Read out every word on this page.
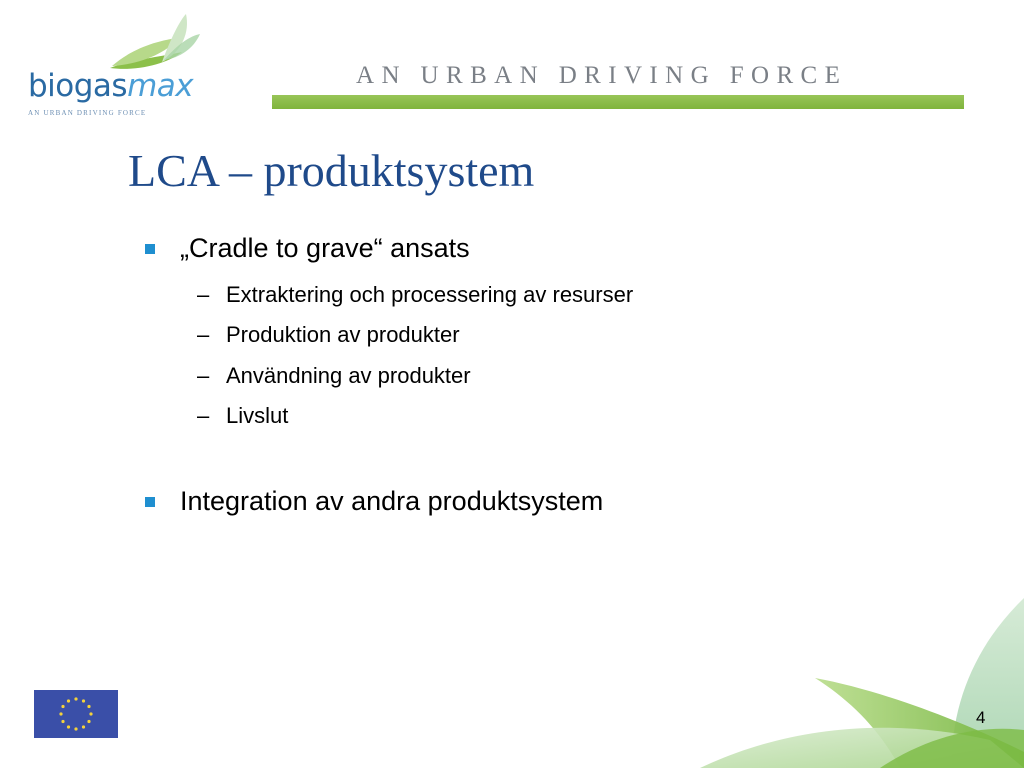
biogasmax
AN URBAN DRIVING FORCE
AN URBAN DRIVING FORCE
LCA – produktsystem
„Cradle to grave“ ansats
– Extraktering och processering av resurser
– Produktion av produkter
– Användning av produkter
– Livslut
Integration av andra produktsystem
4
